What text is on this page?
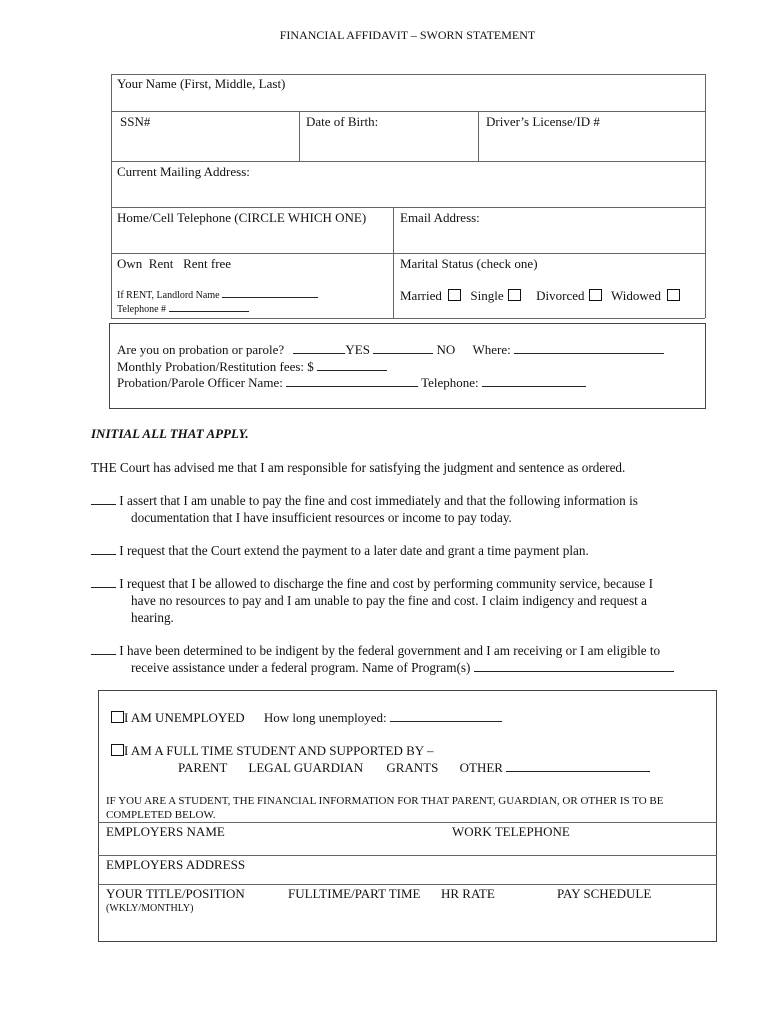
FINANCIAL AFFIDAVIT – SWORN STATEMENT
Your Name (First, Middle, Last)
SSN#	Date of Birth:	Driver’s License/ID #
Current Mailing Address:
Home/Cell Telephone (CIRCLE WHICH ONE)	Email Address:
Own  Rent   Rent free
If RENT, Landlord Name
Telephone #
Marital Status (check one)
Married Single	Divorced Widowed
Are you on probation or parole?	YES	NO Where:
Monthly Probation/Restitution fees: $
Probation/Parole Officer Name:	Telephone:
INITIAL ALL THAT APPLY.
THE Court has advised me that I am responsible for satisfying the judgment and sentence as ordered.
I assert that I am unable to pay the fine and cost immediately and that the following information is
documentation that I have insufficient resources or income to pay today.
I request that the Court extend the payment to a later date and grant a time payment plan.
I request that I be allowed to discharge the fine and cost by performing community service, because I
have no resources to pay and I am unable to pay the fine and cost. I claim indigency and request a
hearing.
I have been determined to be indigent by the federal government and I am receiving or I am eligible to
receive assistance under a federal program. Name of Program(s)
I AM UNEMPLOYED How long unemployed:
I AM A FULL TIME STUDENT AND SUPPORTED BY –
PARENT LEGAL GUARDIAN GRANTS OTHER
IF YOU ARE A STUDENT, THE FINANCIAL INFORMATION FOR THAT PARENT, GUARDIAN, OR OTHER IS TO BE
COMPLETED BELOW.
EMPLOYERS NAME	WORK TELEPHONE
EMPLOYERS ADDRESS
YOUR TITLE/POSITION	FULLTIME/PART TIME HR RATE	PAY SCHEDULE
(WKLY/MONTHLY)
